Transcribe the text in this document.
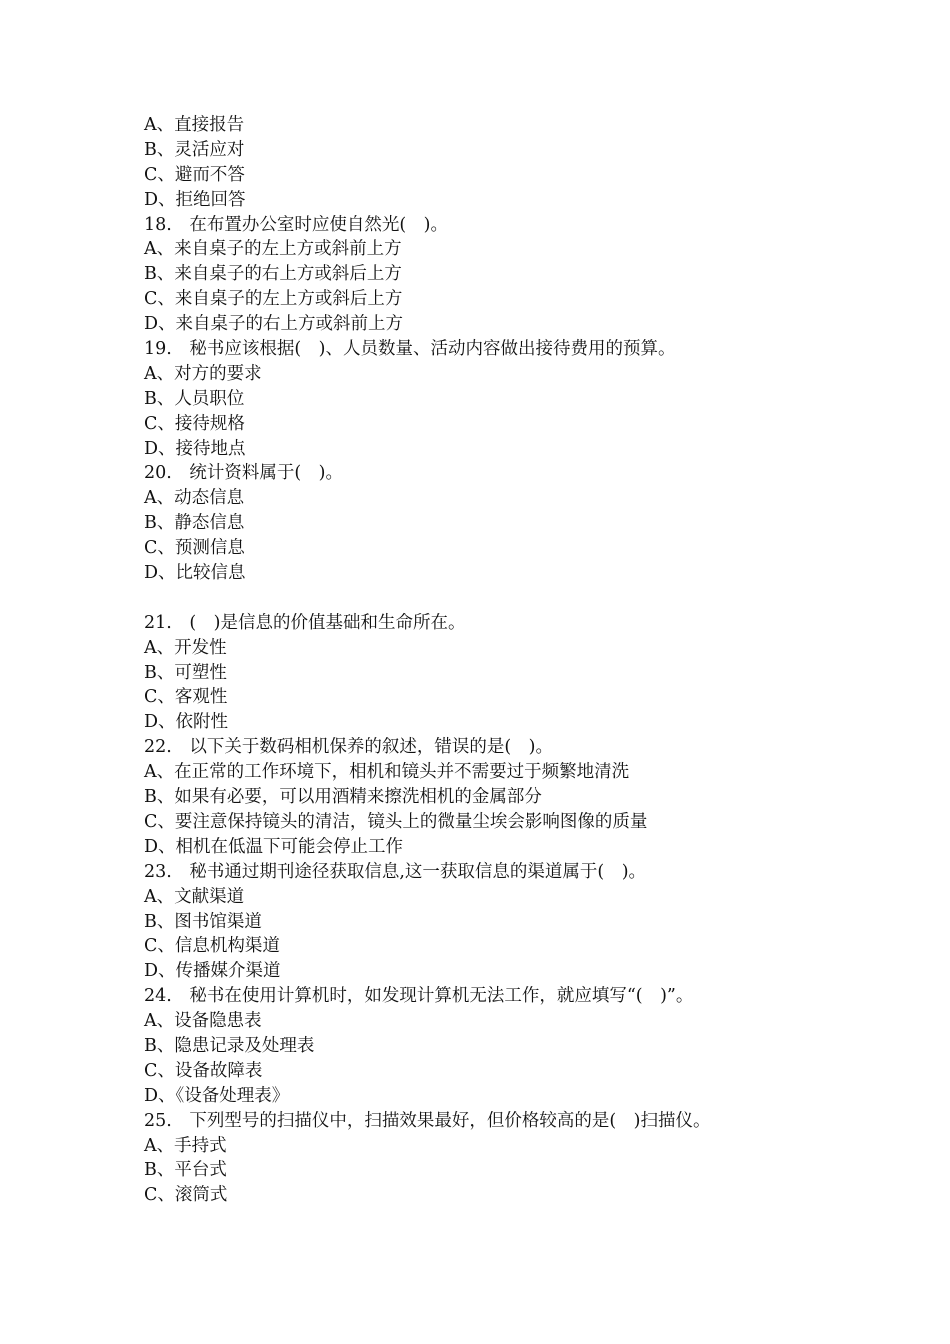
A、直接报告
B、灵活应对
C、避而不答
D、拒绝回答
18.　在布置办公室时应使自然光(　)。
A、来自桌子的左上方或斜前上方
B、来自桌子的右上方或斜后上方
C、来自桌子的左上方或斜后上方
D、来自桌子的右上方或斜前上方
19.　秘书应该根据(　)、人员数量、活动内容做出接待费用的预算。
A、对方的要求
B、人员职位
C、接待规格
D、接待地点
20.　统计资料属于(　)。
A、动态信息
B、静态信息
C、预测信息
D、比较信息
21.　(　)是信息的价值基础和生命所在。
A、开发性
B、可塑性
C、客观性
D、依附性
22.　以下关于数码相机保养的叙述，错误的是(　)。
A、在正常的工作环境下，相机和镜头并不需要过于频繁地清洗
B、如果有必要，可以用酒精来擦洗相机的金属部分
C、要注意保持镜头的清洁，镜头上的微量尘埃会影响图像的质量
D、相机在低温下可能会停止工作
23.　秘书通过期刊途径获取信息,这一获取信息的渠道属于(　)。
A、文献渠道
B、图书馆渠道
C、信息机构渠道
D、传播媒介渠道
24.　秘书在使用计算机时，如发现计算机无法工作，就应填写“(　)”。
A、设备隐患表
B、隐患记录及处理表
C、设备故障表
D、《设备处理表》
25.　下列型号的扫描仪中，扫描效果最好，但价格较高的是(　)扫描仪。
A、手持式
B、平台式
C、滚筒式
